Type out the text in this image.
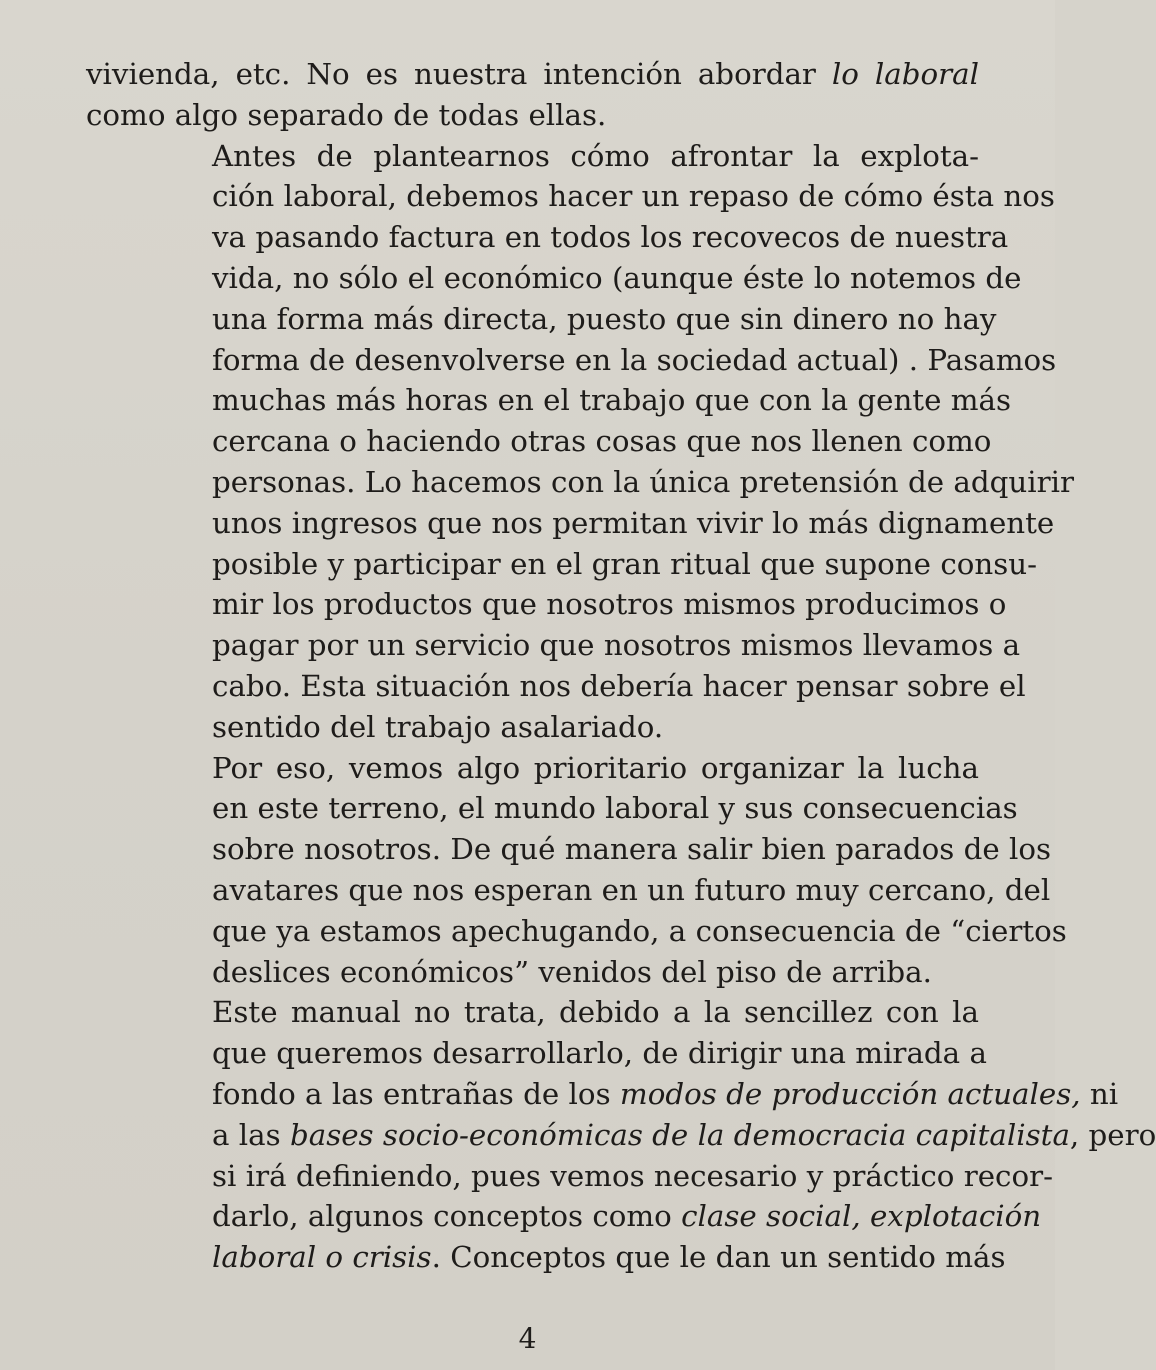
vivienda, etc. No es nuestra intención abordar lo laboral
como algo separado de todas ellas.

Antes de plantearnos cómo afrontar la explota-
ción laboral, debemos hacer un repaso de cómo ésta nos
va pasando factura en todos los recovecos de nuestra
vida, no sólo el económico (aunque éste lo notemos de
una forma más directa, puesto que sin dinero no hay
forma de desenvolverse en la sociedad actual) . Pasamos
muchas más horas en el trabajo que con la gente más
cercana o haciendo otras cosas que nos llenen como
personas. Lo hacemos con la única pretensión de adquirir
unos ingresos que nos permitan vivir lo más dignamente
posible y participar en el gran ritual que supone consu-
mir los productos que nosotros mismos producimos o
pagar por un servicio que nosotros mismos llevamos a
cabo. Esta situación nos debería hacer pensar sobre el
sentido del trabajo asalariado.

Por eso, vemos algo prioritario organizar la lucha
en este terreno, el mundo laboral y sus consecuencias
sobre nosotros. De qué manera salir bien parados de los
avatares que nos esperan en un futuro muy cercano, del
que ya estamos apechugando, a consecuencia de “ciertos
deslices económicos” venidos del piso de arriba.

Este manual no trata, debido a la sencillez con la
que queremos desarrollarlo, de dirigir una mirada a
fondo a las entrañas de los modos de producción actuales, ni
a las bases socio-económicas de la democracia capitalista, pero
si irá definiendo, pues vemos necesario y práctico recor-
darlo, algunos conceptos como clase social, explotación
laboral o crisis. Conceptos que le dan un sentido más

4
